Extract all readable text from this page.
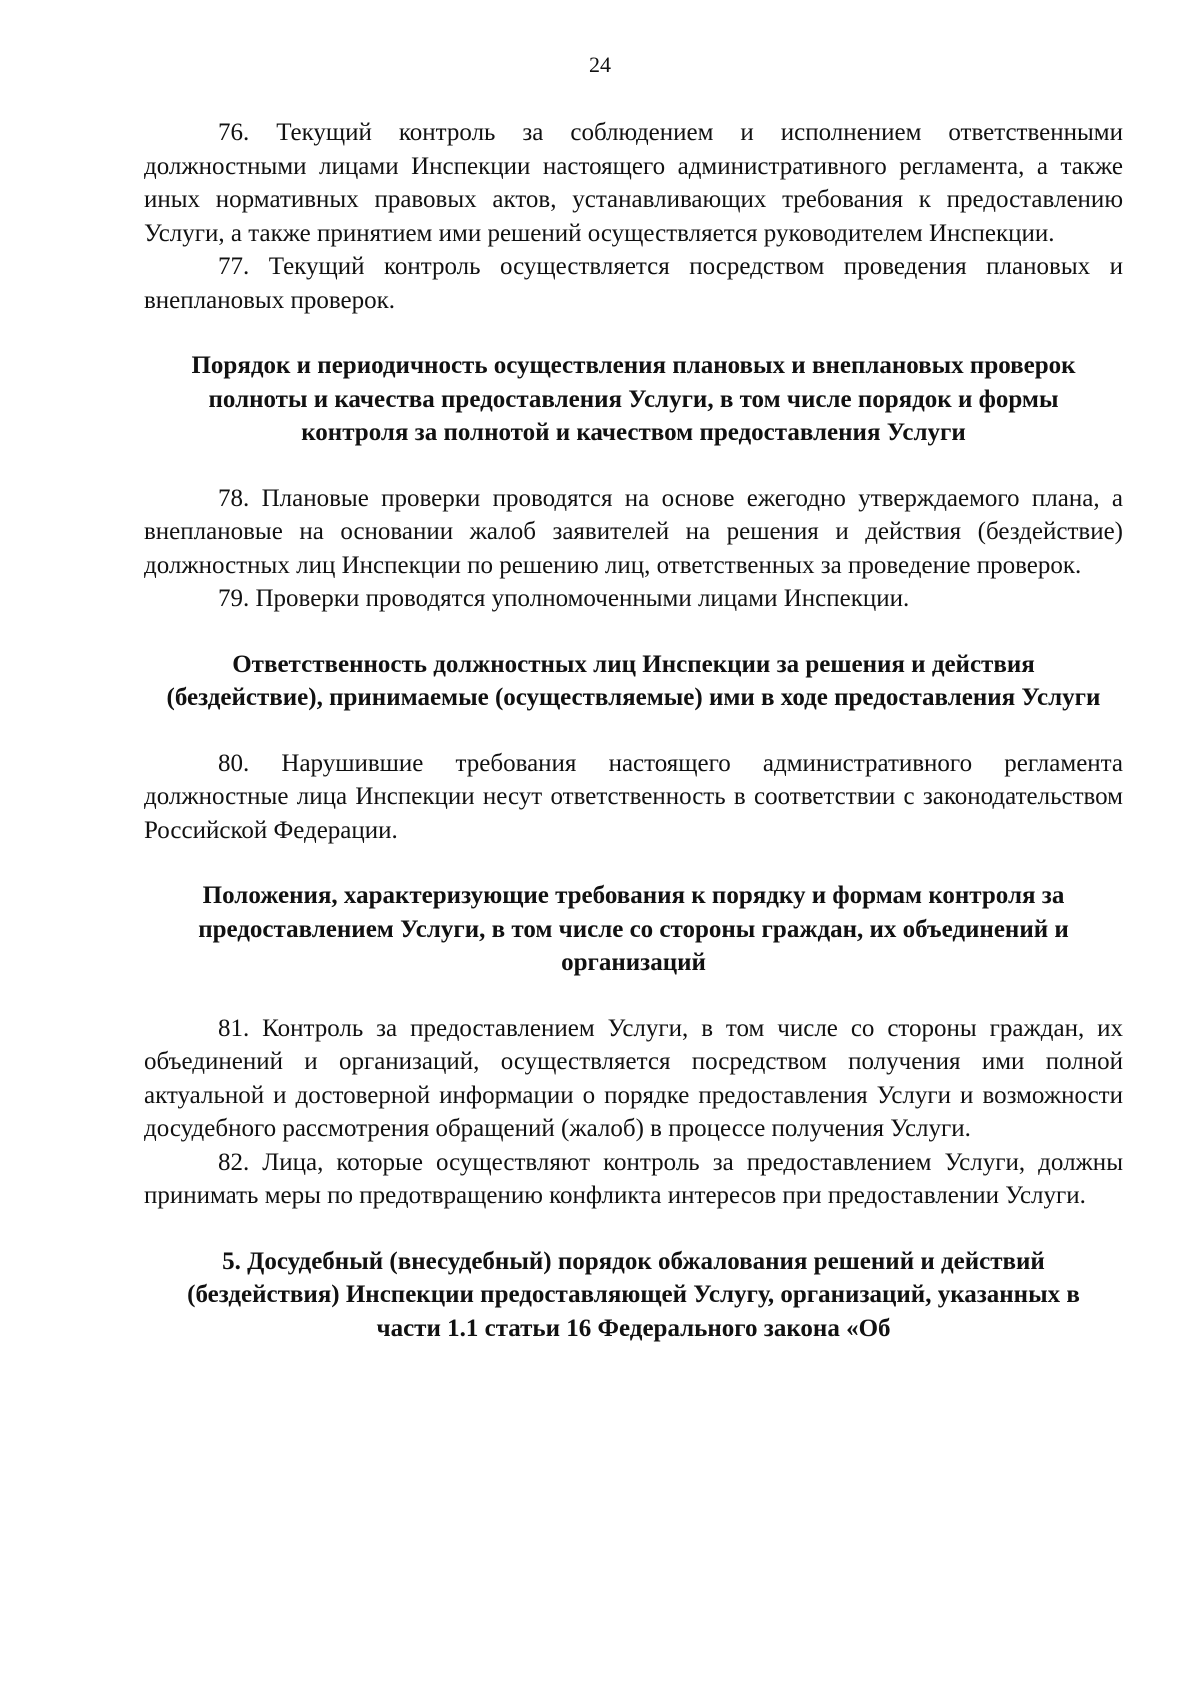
24

76. Текущий контроль за соблюдением и исполнением ответственными должностными лицами Инспекции настоящего административного регламента, а также иных нормативных правовых актов, устанавливающих требования к предоставлению Услуги, а также принятием ими решений осуществляется руководителем Инспекции.

77. Текущий контроль осуществляется посредством проведения плановых и внеплановых проверок.

Порядок и периодичность осуществления плановых и внеплановых проверок полноты и качества предоставления Услуги, в том числе порядок и формы контроля за полнотой и качеством предоставления Услуги

78. Плановые проверки проводятся на основе ежегодно утверждаемого плана, а внеплановые на основании жалоб заявителей на решения и действия (бездействие) должностных лиц Инспекции по решению лиц, ответственных за проведение проверок.

79. Проверки проводятся уполномоченными лицами Инспекции.

Ответственность должностных лиц Инспекции за решения и действия (бездействие), принимаемые (осуществляемые) ими в ходе предоставления Услуги

80. Нарушившие требования настоящего административного регламента должностные лица Инспекции несут ответственность в соответствии с законодательством Российской Федерации.

Положения, характеризующие требования к порядку и формам контроля за предоставлением Услуги, в том числе со стороны граждан, их объединений и организаций

81. Контроль за предоставлением Услуги, в том числе со стороны граждан, их объединений и организаций, осуществляется посредством получения ими полной актуальной и достоверной информации о порядке предоставления Услуги и возможности досудебного рассмотрения обращений (жалоб) в процессе получения Услуги.

82. Лица, которые осуществляют контроль за предоставлением Услуги, должны принимать меры по предотвращению конфликта интересов при предоставлении Услуги.

5. Досудебный (внесудебный) порядок обжалования решений и действий (бездействия) Инспекции предоставляющей Услугу, организаций, указанных в части 1.1 статьи 16 Федерального закона «Об
